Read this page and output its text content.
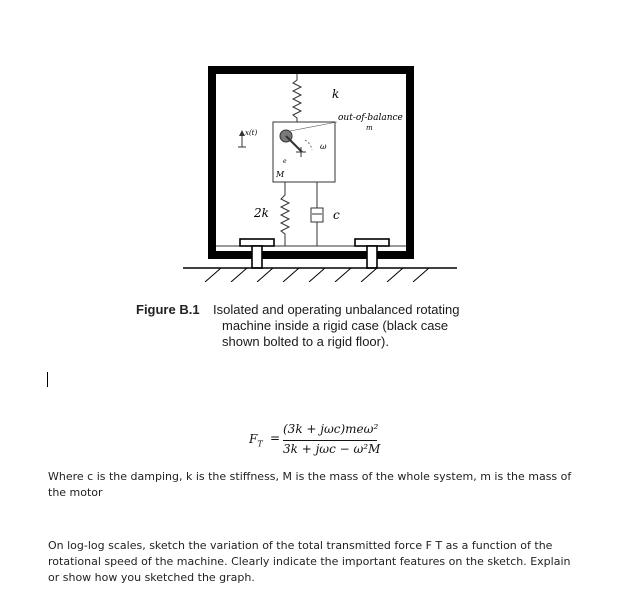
k
out-of-balance
m
x(t)
ω
e
M
2k	c
Figure B.1 Isolated and operating unbalanced rotating
machine inside a rigid case (black case
shown bolted to a rigid floor).
$F_T$ =
(3k + jωc)meω²
3k + jωc − ω²M
Where c is the damping, k is the stiffness, M is the mass of the whole system, m is the mass of the motor
On log-log scales, sketch the variation of the total transmitted force F T as a function of the rotational speed of the machine. Clearly indicate the important features on the sketch. Explain or show how you sketched the graph.
